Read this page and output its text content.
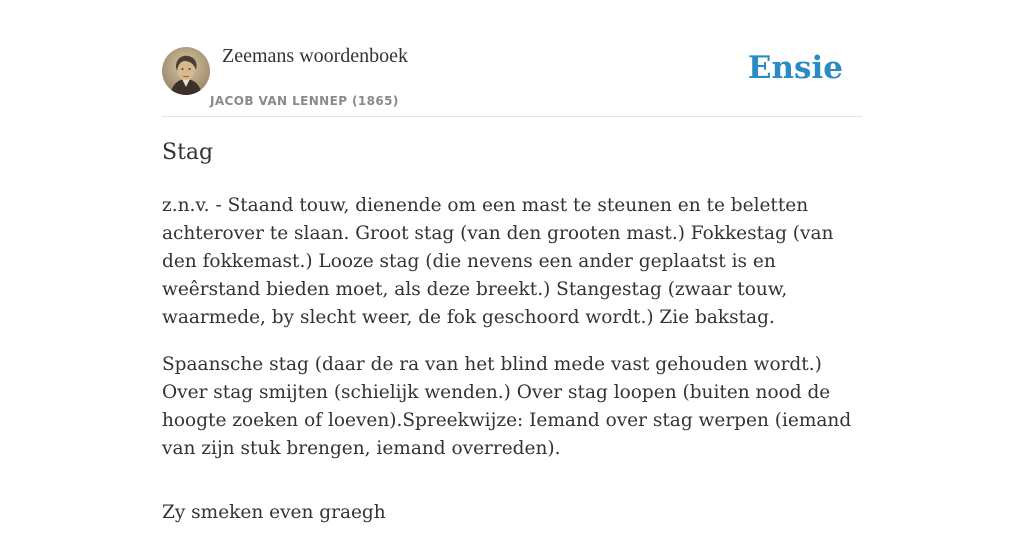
Zeemans woordenboek
JACOB VAN LENNEP (1865)
Ensie
Stag

z.n.v. - Staand touw, dienende om een mast te steunen en te beletten achterover te slaan. Groot stag (van den grooten mast.) Fokkestag (van den fokkemast.) Looze stag (die nevens een ander geplaatst is en weêrstand bieden moet, als deze breekt.) Stangestag (zwaar touw, waarmede, by slecht weer, de fok geschoord wordt.) Zie bakstag.

Spaansche stag (daar de ra van het blind mede vast gehouden wordt.) Over stag smijten (schielijk wenden.) Over stag loopen (buiten nood de hoogte zoeken of loeven).Spreekwijze: Iemand over stag werpen (iemand van zijn stuk brengen, iemand overreden).

Zy smeken even graegh
